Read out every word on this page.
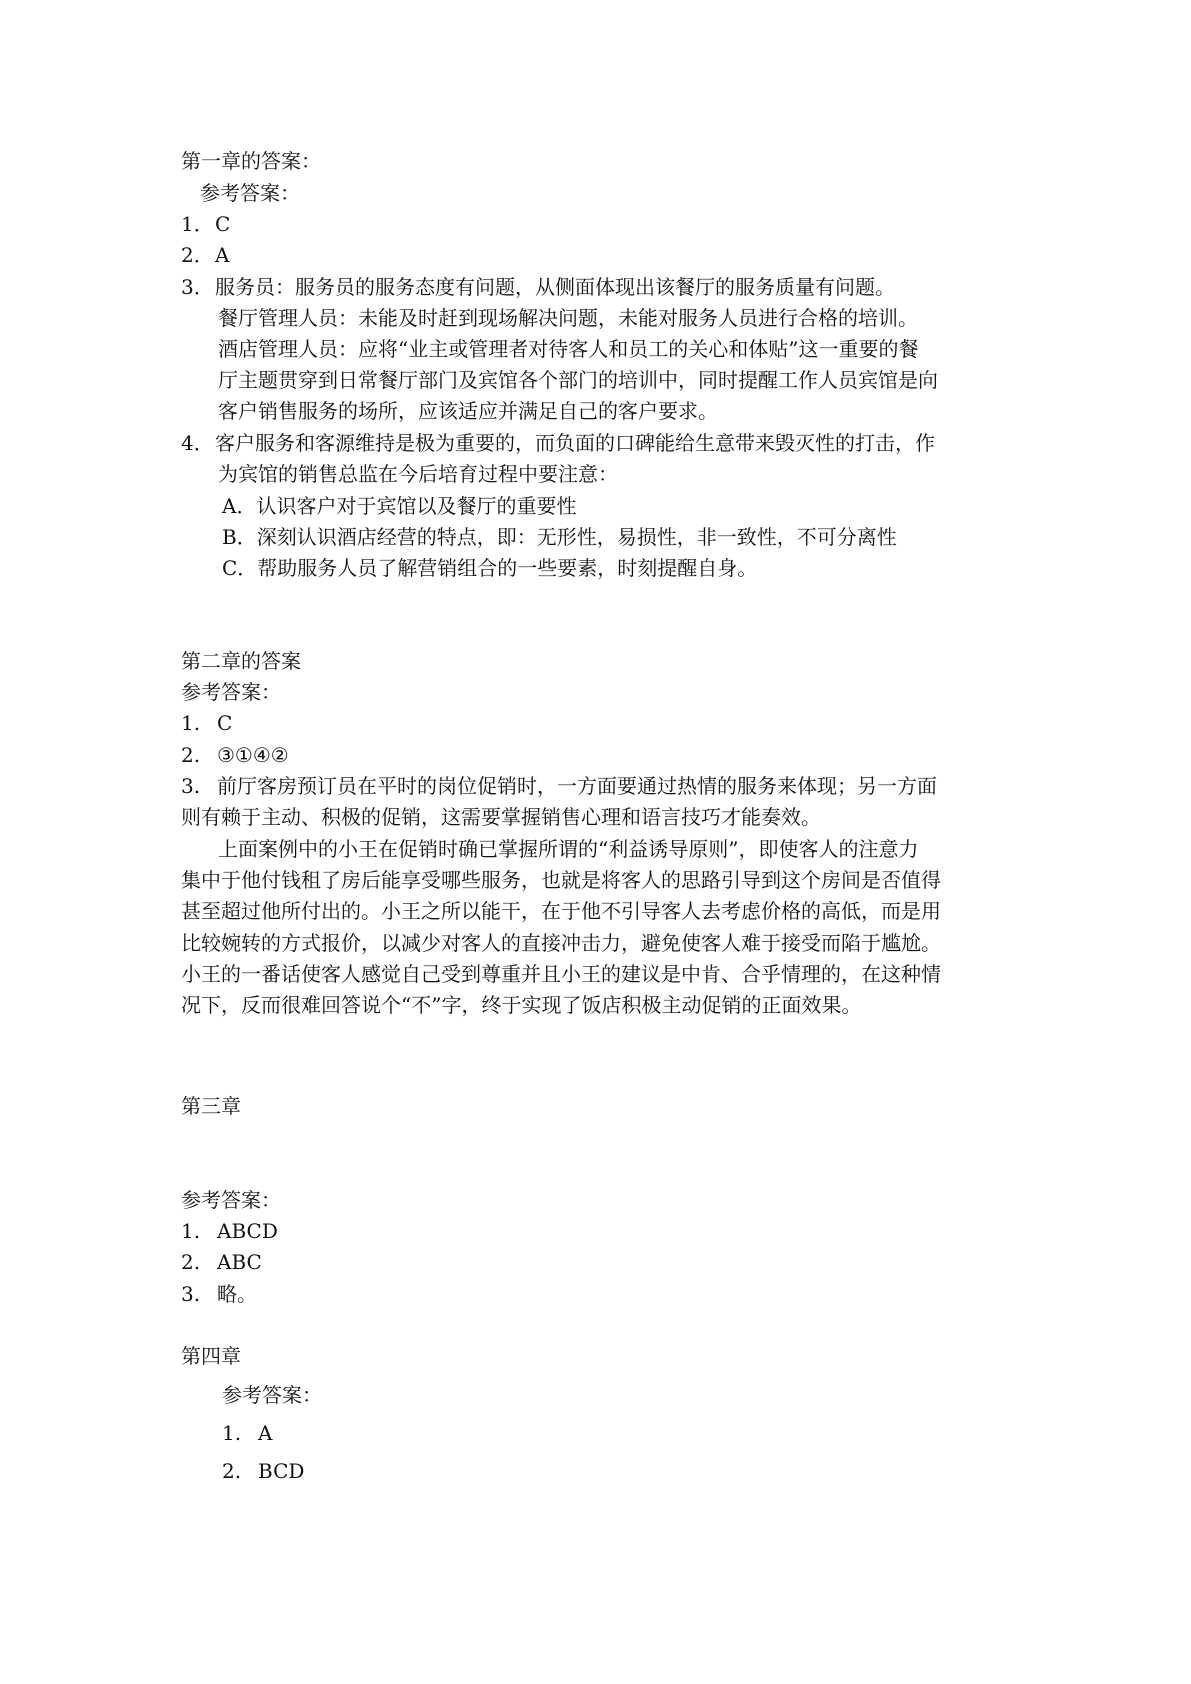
第一章的答案：
参考答案：
1．C
2．A
3．服务员：服务员的服务态度有问题，从侧面体现出该餐厅的服务质量有问题。
餐厅管理人员：未能及时赶到现场解决问题，未能对服务人员进行合格的培训。
酒店管理人员：应将“业主或管理者对待客人和员工的关心和体贴”这一重要的餐
厅主题贯穿到日常餐厅部门及宾馆各个部门的培训中，同时提醒工作人员宾馆是向
客户销售服务的场所，应该适应并满足自己的客户要求。
4．客户服务和客源维持是极为重要的，而负面的口碑能给生意带来毁灭性的打击，作
为宾馆的销售总监在今后培育过程中要注意：
A．认识客户对于宾馆以及餐厅的重要性
B．深刻认识酒店经营的特点，即：无形性，易损性，非一致性，不可分离性
C．帮助服务人员了解营销组合的一些要素，时刻提醒自身。
第二章的答案
参考答案：
1. C
2. ③①④②
3. 前厅客房预订员在平时的岗位促销时，一方面要通过热情的服务来体现；另一方面
则有赖于主动、积极的促销，这需要掌握销售心理和语言技巧才能奏效。
上面案例中的小王在促销时确已掌握所谓的“利益诱导原则”，即使客人的注意力
集中于他付钱租了房后能享受哪些服务，也就是将客人的思路引导到这个房间是否值得
甚至超过他所付出的。小王之所以能干，在于他不引导客人去考虑价格的高低，而是用
比较婉转的方式报价，以减少对客人的直接冲击力，避免使客人难于接受而陷于尴尬。
小王的一番话使客人感觉自己受到尊重并且小王的建议是中肯、合乎情理的，在这种情
况下，反而很难回答说个“不”字，终于实现了饭店积极主动促销的正面效果。
第三章
参考答案：
1. ABCD
2. ABC
3. 略。
第四章
参考答案：
1. A
2. BCD
